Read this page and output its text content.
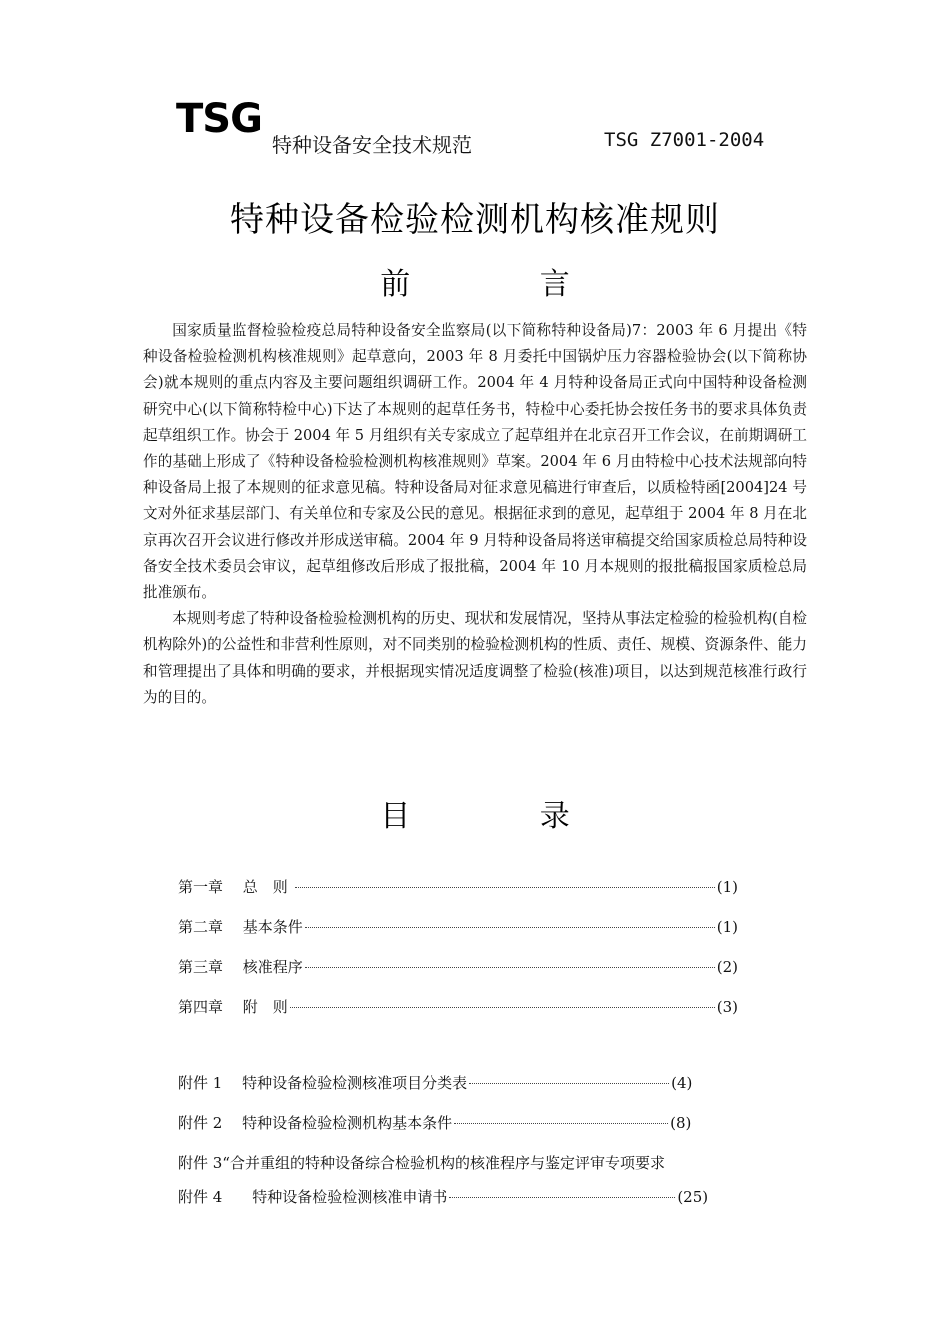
TSG
特种设备安全技术规范	TSG Z7001-2004
特种设备检验检测机构核准规则
前 言

国家质量监督检验检疫总局特种设备安全监察局(以下简称特种设备局)7：2003 年 6 月提出《特种设备检验检测机构核准规则》起草意向，2003 年 8 月委托中国锅炉压力容器检验协会(以下简称协会)就本规则的重点内容及主要问题组织调研工作。2004 年 4 月特种设备局正式向中国特种设备检测研究中心(以下简称特检中心)下达了本规则的起草任务书，特检中心委托协会按任务书的要求具体负责起草组织工作。协会于 2004 年 5 月组织有关专家成立了起草组并在北京召开工作会议，在前期调研工作的基础上形成了《特种设备检验检测机构核准规则》草案。2004 年 6 月由特检中心技术法规部向特种设备局上报了本规则的征求意见稿。特种设备局对征求意见稿进行审查后，以质检特函[2004]24 号文对外征求基层部门、有关单位和专家及公民的意见。根据征求到的意见，起草组于 2004 年 8 月在北京再次召开会议进行修改并形成送审稿。2004 年 9 月特种设备局将送审稿提交给国家质检总局特种设备安全技术委员会审议，起草组修改后形成了报批稿，2004 年 10 月本规则的报批稿报国家质检总局批准颁布。

本规则考虑了特种设备检验检测机构的历史、现状和发展情况，坚持从事法定检验的检验机构(自检机构除外)的公益性和非营利性原则，对不同类别的检验检测机构的性质、责任、规模、资源条件、能力和管理提出了具体和明确的要求，并根据现实情况适度调整了检验(核准)项目，以达到规范核准行政行为的目的。

目 录
第一章　 总　则	(1)
第二章　 基本条件	(1)
第三章　 核准程序	(2)
第四章　 附　则	(3)
附件 1　 特种设备检验检测核准项目分类表	(4)
附件 2　 特种设备检验检测机构基本条件	(8)
附件 3“合并重组的特种设备综合检验机构的核准程序与鉴定评审专项要求
附件 4　　特种设备检验检测核准申请书	(25)
